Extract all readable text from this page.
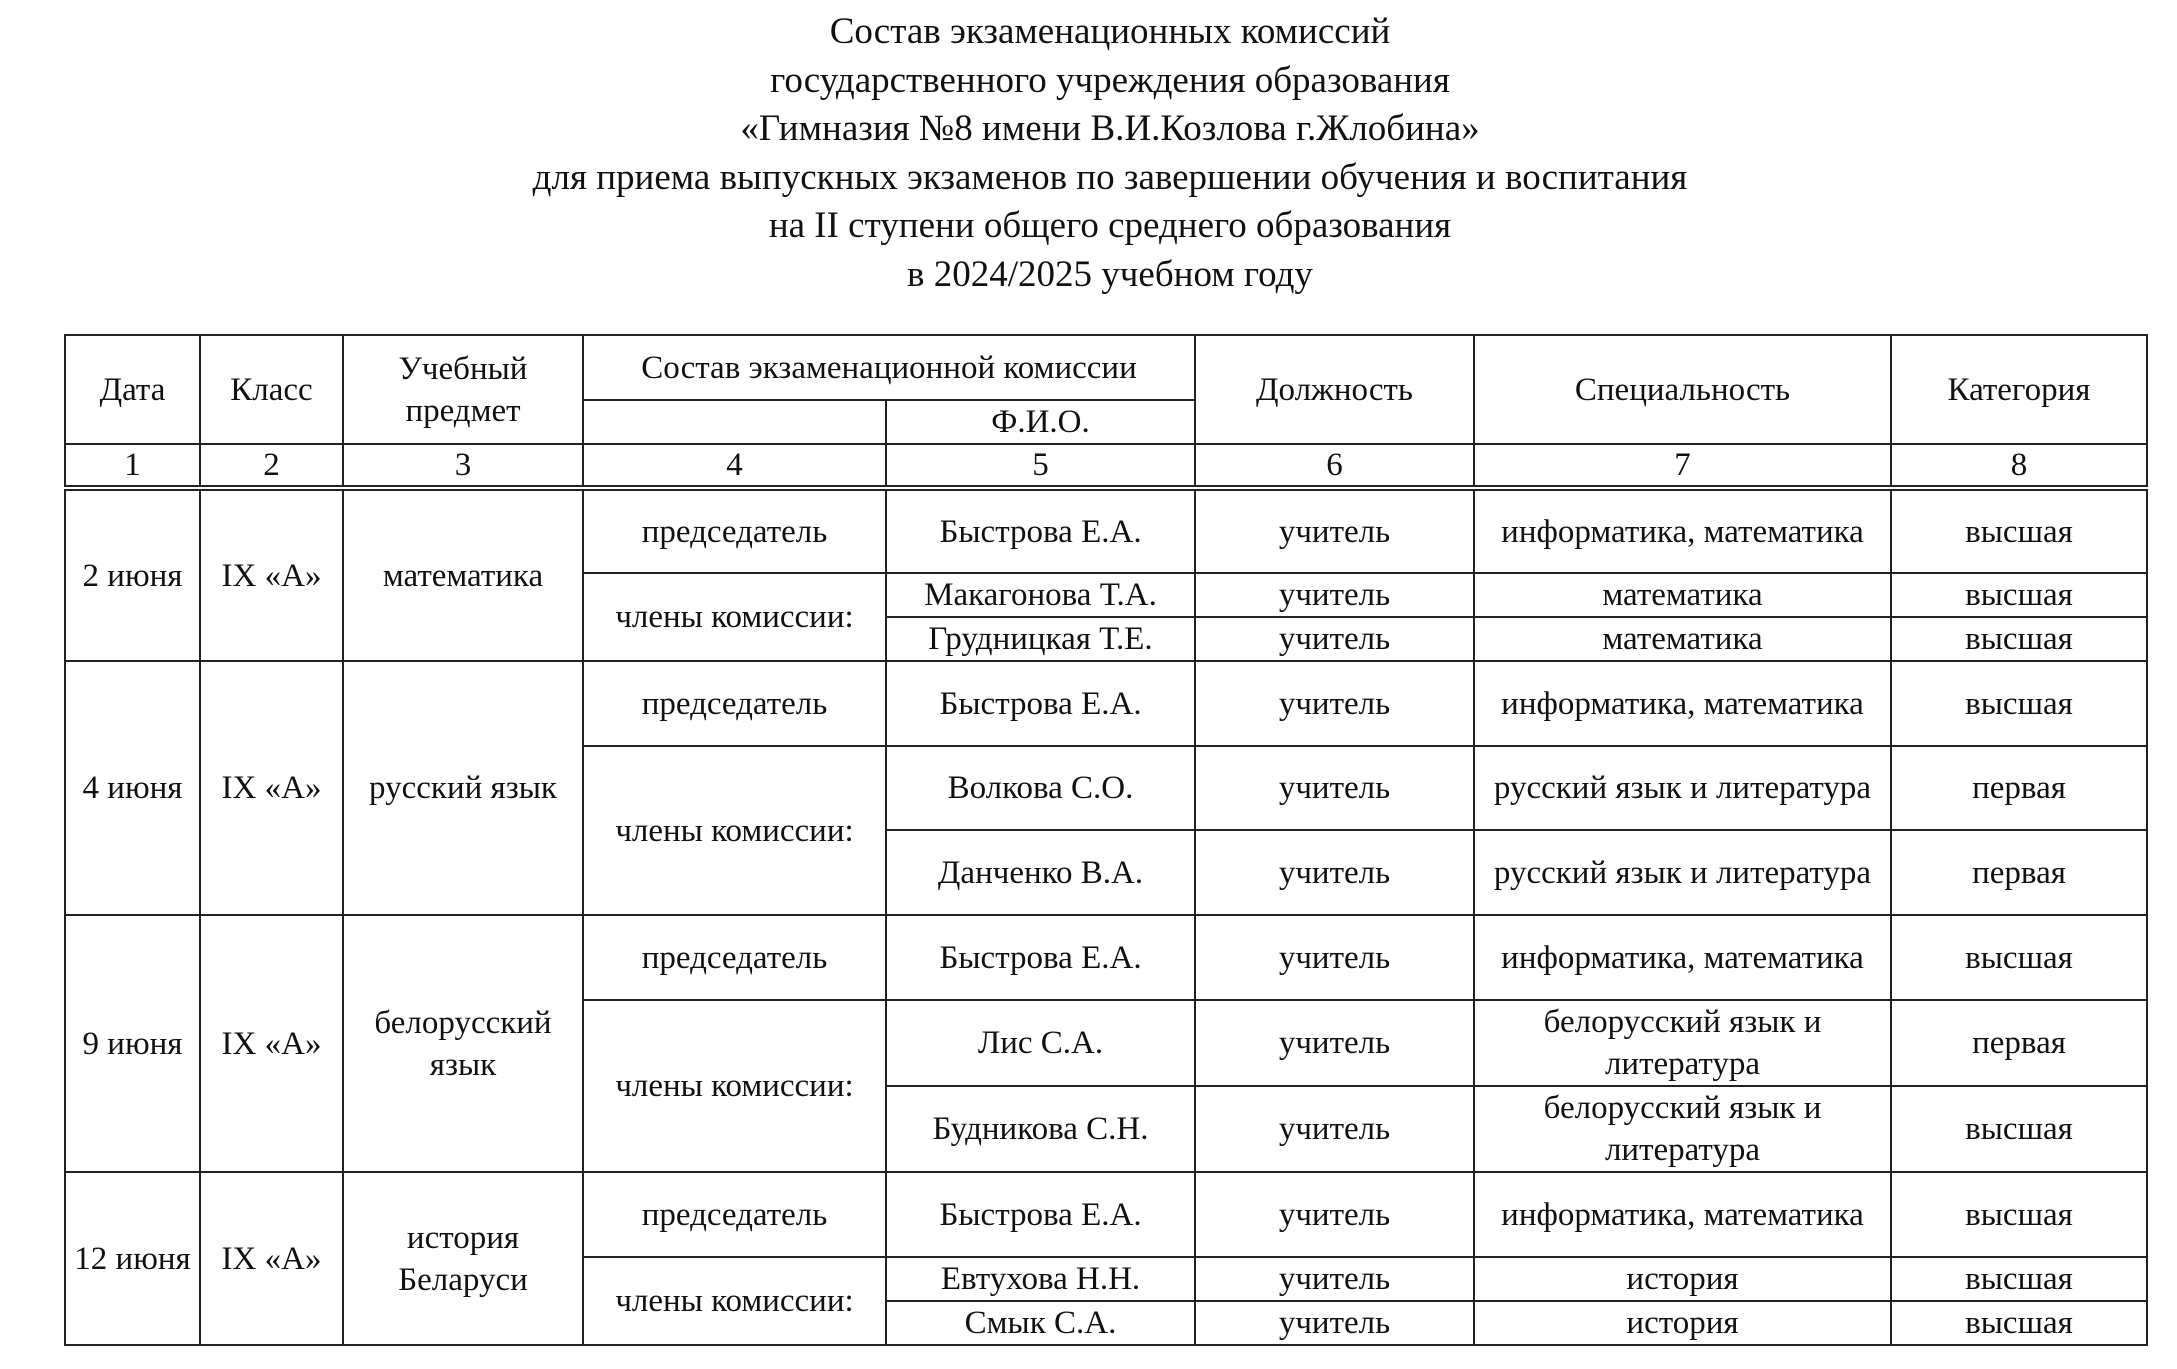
Состав экзаменационных комиссий
государственного учреждения образования
«Гимназия №8 имени В.И.Козлова г.Жлобина»
для приема выпускных экзаменов по завершении обучения и воспитания
на II ступени общего среднего образования
в 2024/2025 учебном году
Дата	Класс	Учебный предмет	Состав экзаменационной комиссии		Должность	Специальность	Категория
				Ф.И.О.			
1	2	3	4	5	6	7	8
2 июня	IX «А»	математика	председатель	Быстрова Е.А.	учитель	информатика, математика	высшая
			члены комиссии:	Макагонова Т.А.	учитель	математика	высшая
				Грудницкая Т.Е.	учитель	математика	высшая
4 июня	IX «А»	русский язык	председатель	Быстрова Е.А.	учитель	информатика, математика	высшая
			члены комиссии:	Волкова С.О.	учитель	русский язык и литература	первая
				Данченко В.А.	учитель	русский язык и литература	первая
9 июня	IX «А»	белорусский язык	председатель	Быстрова Е.А.	учитель	информатика, математика	высшая
			члены комиссии:	Лис С.А.	учитель	белорусский язык и литература	первая
				Будникова С.Н.	учитель	белорусский язык и литература	высшая
12 июня	IX «А»	история Беларуси	председатель	Быстрова Е.А.	учитель	информатика, математика	высшая
			члены комиссии:	Евтухова Н.Н.	учитель	история	высшая
				Смык С.А.	учитель	история	высшая
